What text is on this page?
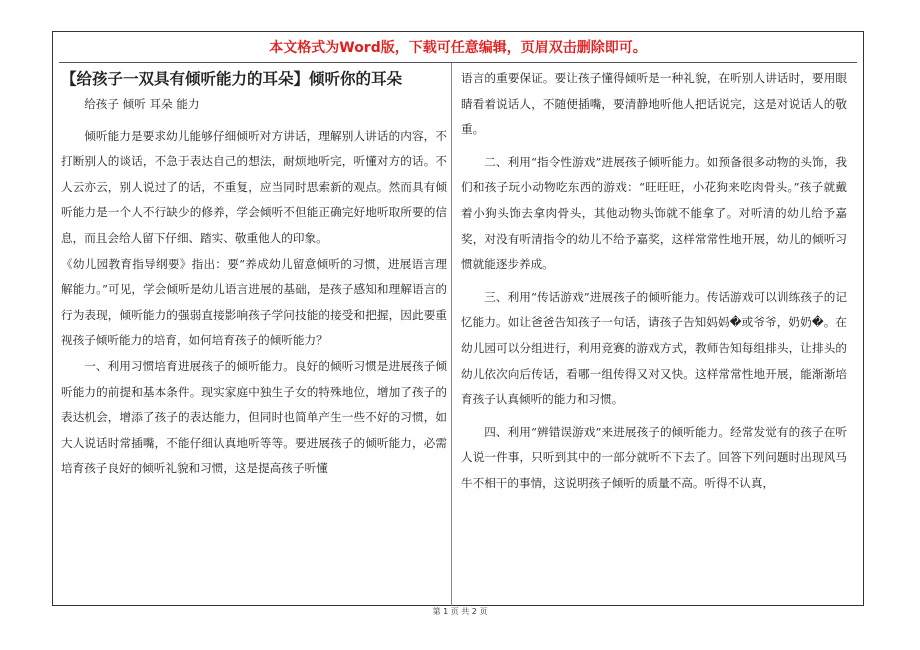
本文格式为Word版，下载可任意编辑，页眉双击删除即可。

【给孩子一双具有倾听能力的耳朵】倾听你的耳朵

给孩子 倾听 耳朵 能力

倾听能力是要求幼儿能够仔细倾听对方讲话，理解别人讲话的内容，不打断别人的谈话，不急于表达自己的想法，耐烦地听完，听懂对方的话。不人云亦云，别人说过了的话，不重复，应当同时思索新的观点。然而具有倾听能力是一个人不行缺少的修养，学会倾听不但能正确完好地听取所要的信息，而且会给人留下仔细、踏实、敬重他人的印象。

《幼儿园教育指导纲要》指出：要“养成幼儿留意倾听的习惯，进展语言理解能力。”可见，学会倾听是幼儿语言进展的基础，是孩子感知和理解语言的行为表现，倾听能力的强弱直接影响孩子学问技能的接受和把握，因此要重视孩子倾听能力的培育，如何培育孩子的倾听能力？

一、利用习惯培育进展孩子的倾听能力。良好的倾听习惯是进展孩子倾听能力的前提和基本条件。现实家庭中独生子女的特殊地位，增加了孩子的表达机会，增添了孩子的表达能力，但同时也简单产生一些不好的习惯，如大人说话时常插嘴，不能仔细认真地听等等。要进展孩子的倾听能力，必需培育孩子良好的倾听礼貌和习惯，这是提高孩子听懂

语言的重要保证。要让孩子懂得倾听是一种礼貌，在听别人讲话时，要用眼睛看着说话人，不随便插嘴，要清静地听他人把话说完，这是对说话人的敬重。

二、利用“指令性游戏”进展孩子倾听能力。如预备很多动物的头饰，我们和孩子玩小动物吃东西的游戏：“旺旺旺，小花狗来吃肉骨头。”孩子就戴着小狗头饰去拿肉骨头，其他动物头饰就不能拿了。对听清的幼儿给予嘉奖，对没有听清指令的幼儿不给予嘉奖，这样常常性地开展，幼儿的倾听习惯就能逐步养成。

三、利用“传话游戏”进展孩子的倾听能力。传话游戏可以训练孩子的记忆能力。如让爸爸告知孩子一句话，请孩子告知妈妈�或爷爷，奶奶�。在幼儿园可以分组进行，利用竞赛的游戏方式，教师告知每组排头，让排头的幼儿依次向后传话，看哪一组传得又对又快。这样常常性地开展，能渐渐培育孩子认真倾听的能力和习惯。

四、利用“辨错误游戏”来进展孩子的倾听能力。经常发觉有的孩子在听人说一件事，只听到其中的一部分就听不下去了。回答下列问题时出现风马牛不相干的事情，这说明孩子倾听的质量不高。听得不认真，

第 1 页 共 2 页
